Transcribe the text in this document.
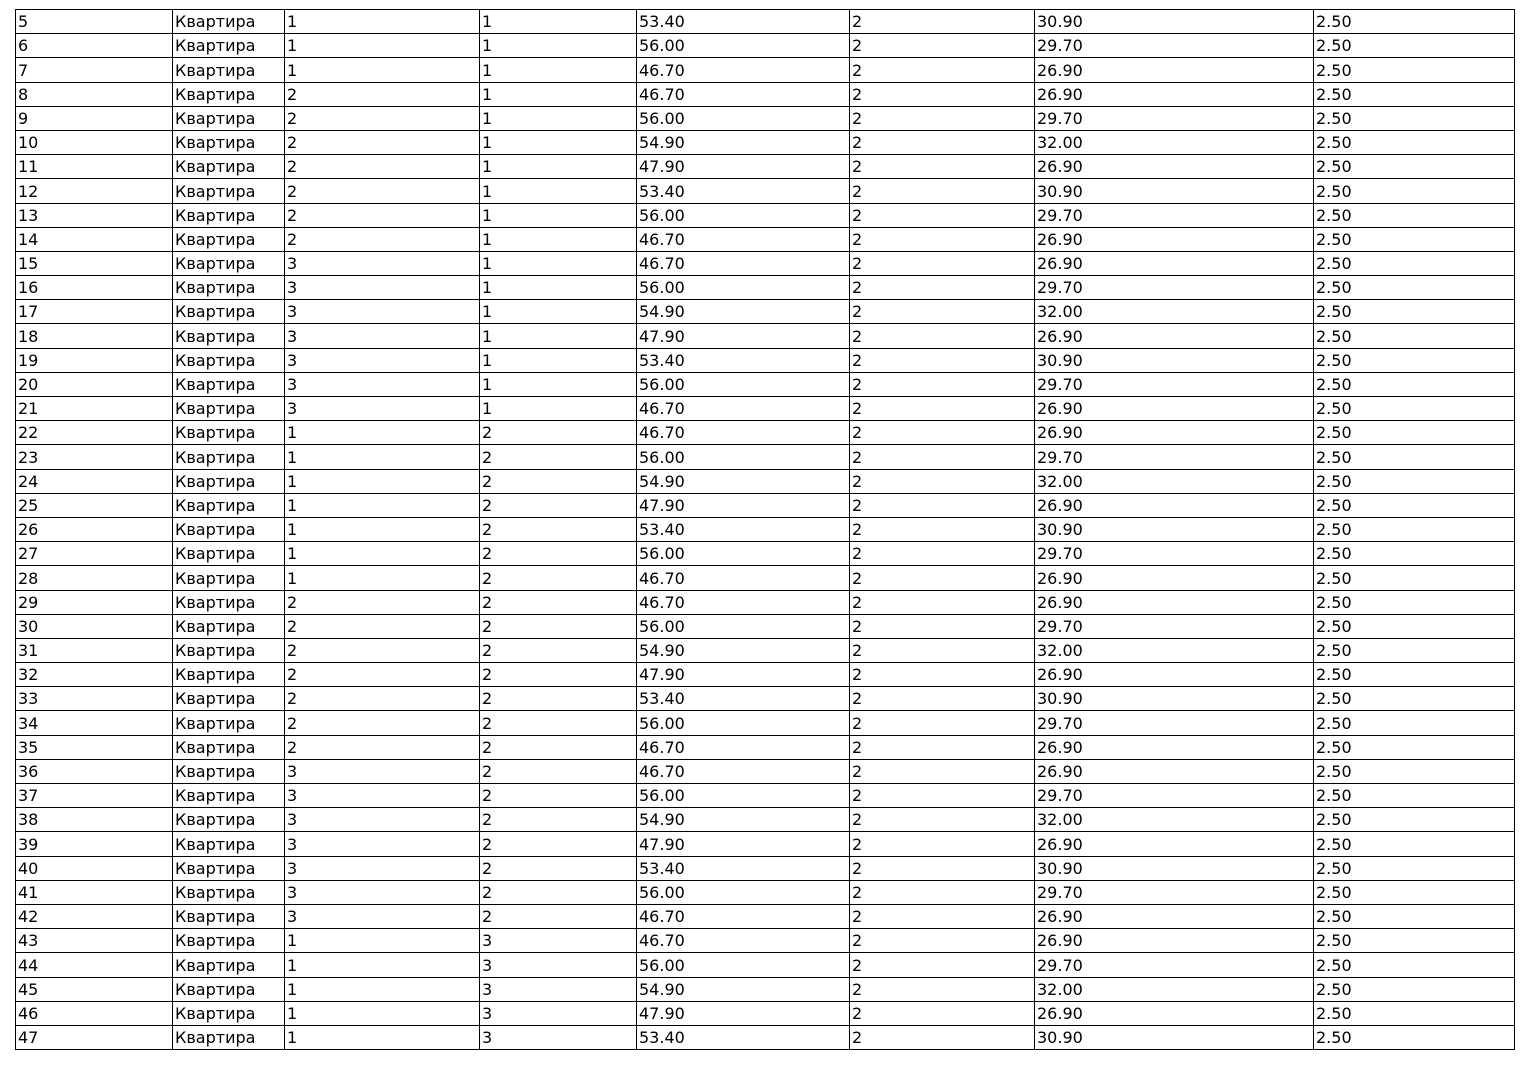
5	Квартира	1	1	53.40	2	30.90	2.50
6	Квартира	1	1	56.00	2	29.70	2.50
7	Квартира	1	1	46.70	2	26.90	2.50
8	Квартира	2	1	46.70	2	26.90	2.50
9	Квартира	2	1	56.00	2	29.70	2.50
10	Квартира	2	1	54.90	2	32.00	2.50
11	Квартира	2	1	47.90	2	26.90	2.50
12	Квартира	2	1	53.40	2	30.90	2.50
13	Квартира	2	1	56.00	2	29.70	2.50
14	Квартира	2	1	46.70	2	26.90	2.50
15	Квартира	3	1	46.70	2	26.90	2.50
16	Квартира	3	1	56.00	2	29.70	2.50
17	Квартира	3	1	54.90	2	32.00	2.50
18	Квартира	3	1	47.90	2	26.90	2.50
19	Квартира	3	1	53.40	2	30.90	2.50
20	Квартира	3	1	56.00	2	29.70	2.50
21	Квартира	3	1	46.70	2	26.90	2.50
22	Квартира	1	2	46.70	2	26.90	2.50
23	Квартира	1	2	56.00	2	29.70	2.50
24	Квартира	1	2	54.90	2	32.00	2.50
25	Квартира	1	2	47.90	2	26.90	2.50
26	Квартира	1	2	53.40	2	30.90	2.50
27	Квартира	1	2	56.00	2	29.70	2.50
28	Квартира	1	2	46.70	2	26.90	2.50
29	Квартира	2	2	46.70	2	26.90	2.50
30	Квартира	2	2	56.00	2	29.70	2.50
31	Квартира	2	2	54.90	2	32.00	2.50
32	Квартира	2	2	47.90	2	26.90	2.50
33	Квартира	2	2	53.40	2	30.90	2.50
34	Квартира	2	2	56.00	2	29.70	2.50
35	Квартира	2	2	46.70	2	26.90	2.50
36	Квартира	3	2	46.70	2	26.90	2.50
37	Квартира	3	2	56.00	2	29.70	2.50
38	Квартира	3	2	54.90	2	32.00	2.50
39	Квартира	3	2	47.90	2	26.90	2.50
40	Квартира	3	2	53.40	2	30.90	2.50
41	Квартира	3	2	56.00	2	29.70	2.50
42	Квартира	3	2	46.70	2	26.90	2.50
43	Квартира	1	3	46.70	2	26.90	2.50
44	Квартира	1	3	56.00	2	29.70	2.50
45	Квартира	1	3	54.90	2	32.00	2.50
46	Квартира	1	3	47.90	2	26.90	2.50
47	Квартира	1	3	53.40	2	30.90	2.50
